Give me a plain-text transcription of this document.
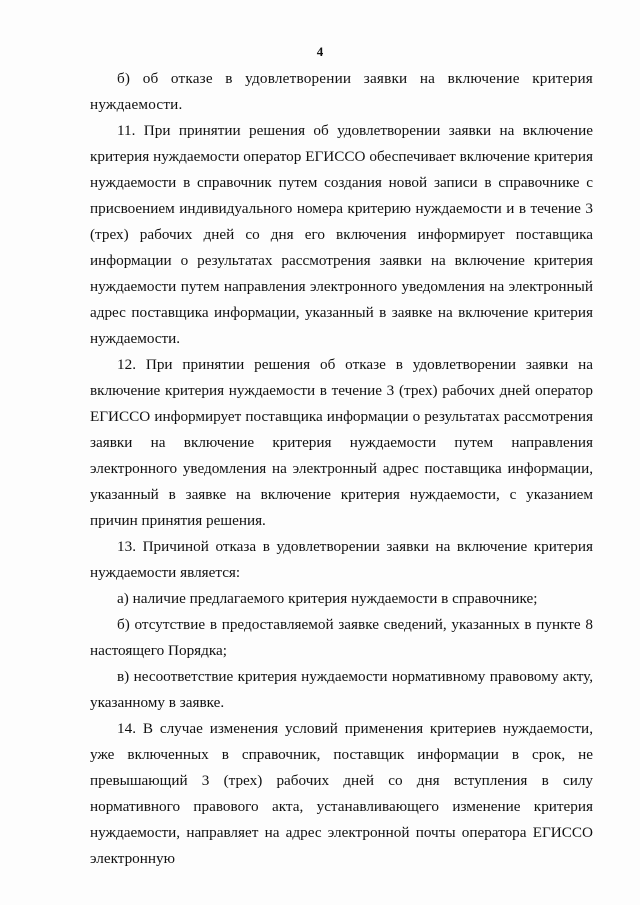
4

б) об отказе в удовлетворении заявки на включение критерия нуждаемости.

11. При принятии решения об удовлетворении заявки на включение критерия нуждаемости оператор ЕГИССО обеспечивает включение критерия нуждаемости в справочник путем создания новой записи в справочнике с присвоением индивидуального номера критерию нуждаемости и в течение 3 (трех) рабочих дней со дня его включения информирует поставщика информации о результатах рассмотрения заявки на включение критерия нуждаемости путем направления электронного уведомления на электронный адрес поставщика информации, указанный в заявке на включение критерия нуждаемости.

12. При принятии решения об отказе в удовлетворении заявки на включение критерия нуждаемости в течение 3 (трех) рабочих дней оператор ЕГИССО информирует поставщика информации о результатах рассмотрения заявки на включение критерия нуждаемости путем направления электронного уведомления на электронный адрес поставщика информации, указанный в заявке на включение критерия нуждаемости, с указанием причин принятия решения.

13. Причиной отказа в удовлетворении заявки на включение критерия нуждаемости является:

а) наличие предлагаемого критерия нуждаемости в справочнике;

б) отсутствие в предоставляемой заявке сведений, указанных в пункте 8 настоящего Порядка;

в) несоответствие критерия нуждаемости нормативному правовому акту, указанному в заявке.

14. В случае изменения условий применения критериев нуждаемости, уже включенных в справочник, поставщик информации в срок, не превышающий 3 (трех) рабочих дней со дня вступления в силу нормативного правового акта, устанавливающего изменение критерия нуждаемости, направляет на адрес электронной почты оператора ЕГИССО электронную
